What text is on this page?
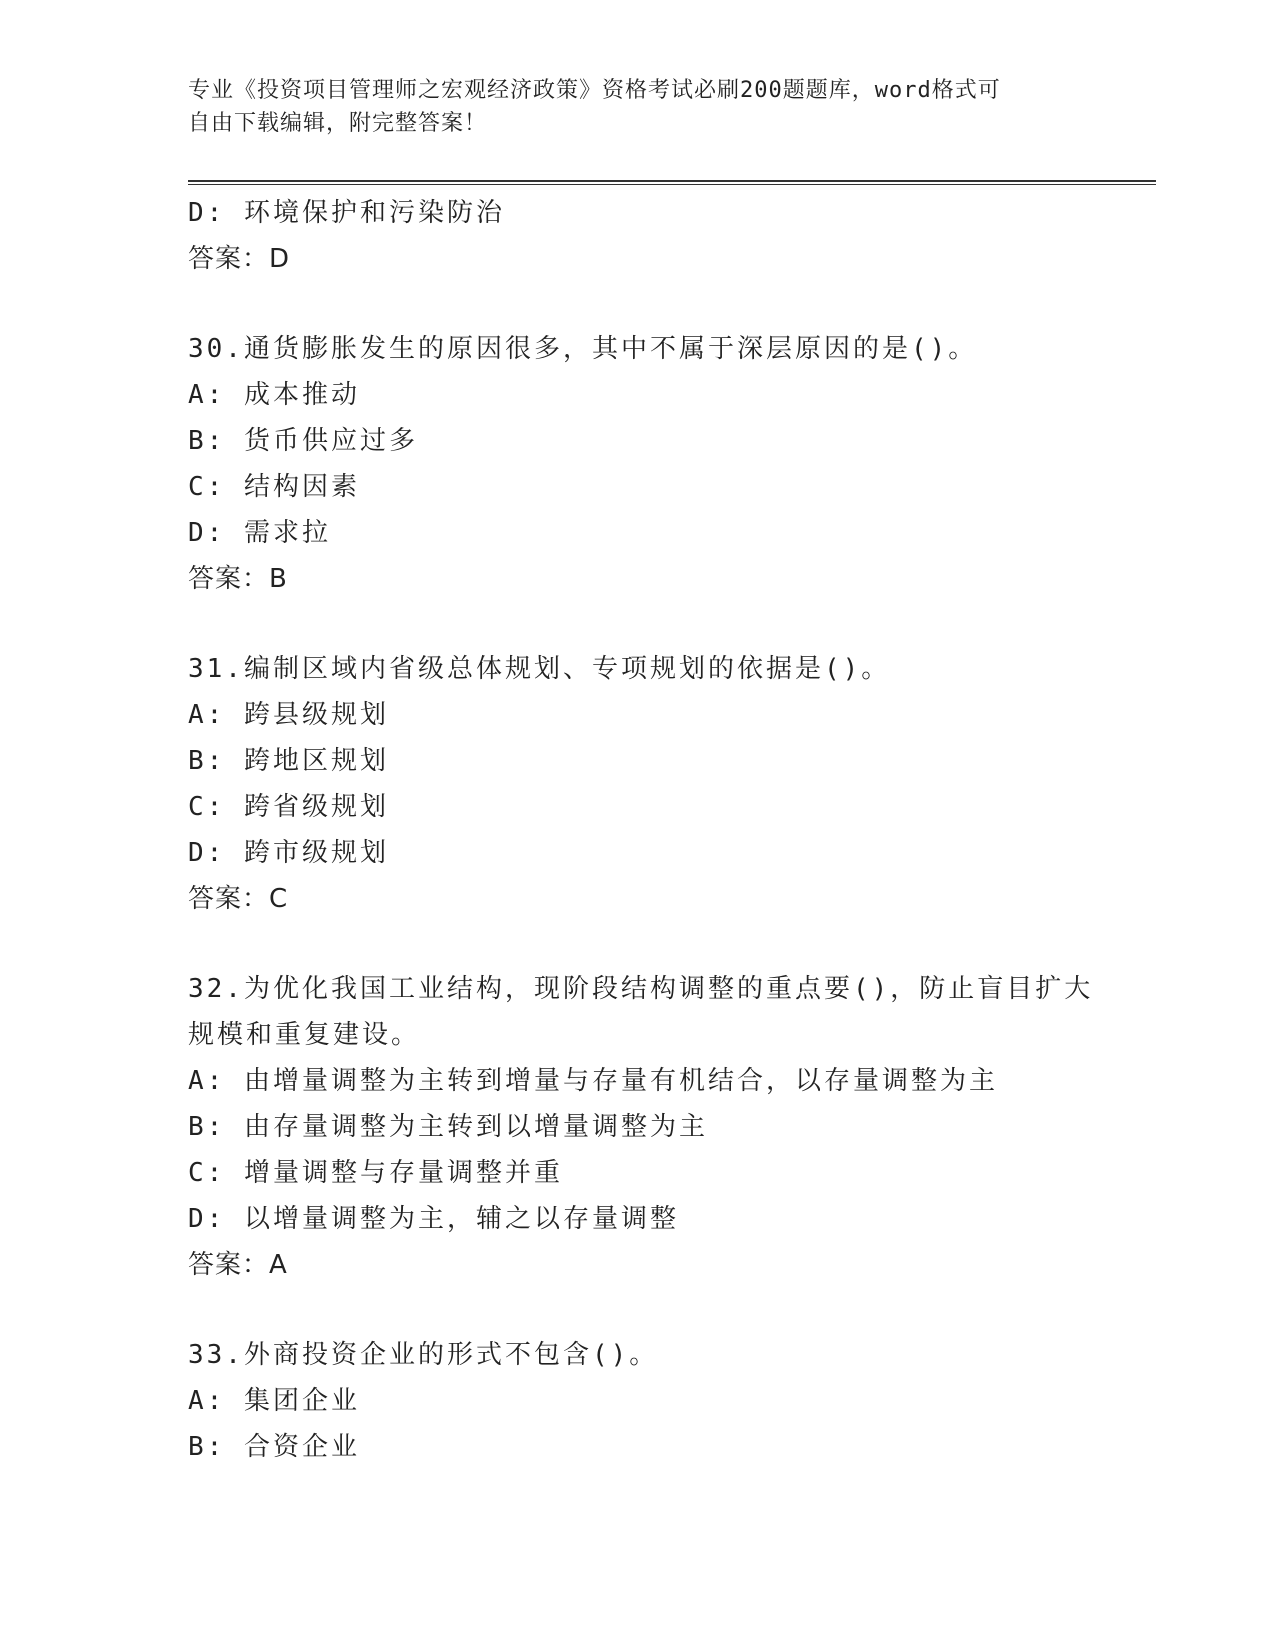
专业《投资项目管理师之宏观经济政策》资格考试必刷200题题库，word格式可
自由下载编辑，附完整答案！
D: 环境保护和污染防治
答案：D
30.通货膨胀发生的原因很多，其中不属于深层原因的是()。
A: 成本推动
B: 货币供应过多
C: 结构因素
D: 需求拉
答案：B
31.编制区域内省级总体规划、专项规划的依据是()。
A: 跨县级规划
B: 跨地区规划
C: 跨省级规划
D: 跨市级规划
答案：C
32.为优化我国工业结构，现阶段结构调整的重点要()，防止盲目扩大
规模和重复建设。
A: 由增量调整为主转到增量与存量有机结合，以存量调整为主
B: 由存量调整为主转到以增量调整为主
C: 增量调整与存量调整并重
D: 以增量调整为主，辅之以存量调整
答案：A
33.外商投资企业的形式不包含()。
A: 集团企业
B: 合资企业
